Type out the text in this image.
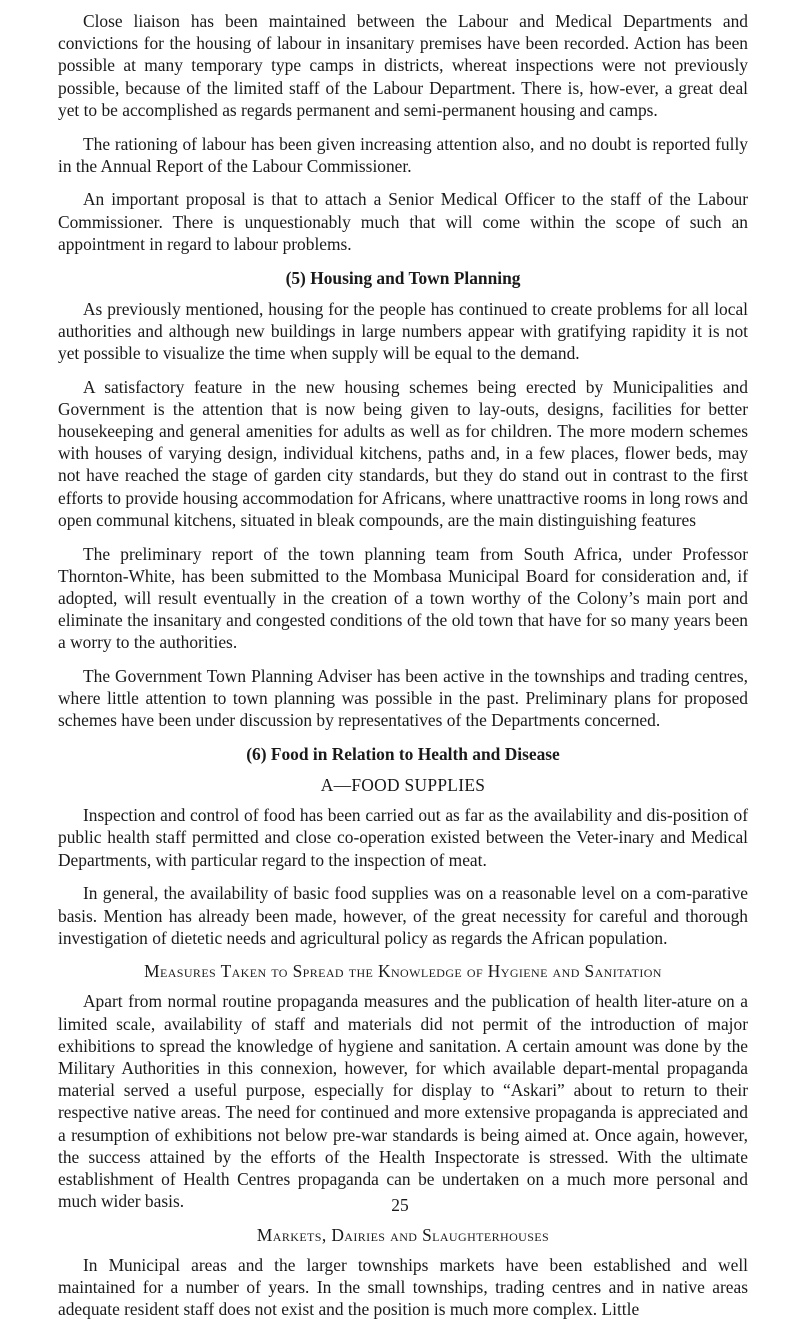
Close liaison has been maintained between the Labour and Medical Departments and convictions for the housing of labour in insanitary premises have been recorded. Action has been possible at many temporary type camps in districts, whereat inspections were not previously possible, because of the limited staff of the Labour Department. There is, how-ever, a great deal yet to be accomplished as regards permanent and semi-permanent housing and camps.

The rationing of labour has been given increasing attention also, and no doubt is reported fully in the Annual Report of the Labour Commissioner.

An important proposal is that to attach a Senior Medical Officer to the staff of the Labour Commissioner. There is unquestionably much that will come within the scope of such an appointment in regard to labour problems.

(5) Housing and Town Planning

As previously mentioned, housing for the people has continued to create problems for all local authorities and although new buildings in large numbers appear with gratifying rapidity it is not yet possible to visualize the time when supply will be equal to the demand.

A satisfactory feature in the new housing schemes being erected by Municipalities and Government is the attention that is now being given to lay-outs, designs, facilities for better housekeeping and general amenities for adults as well as for children. The more modern schemes with houses of varying design, individual kitchens, paths and, in a few places, flower beds, may not have reached the stage of garden city standards, but they do stand out in contrast to the first efforts to provide housing accommodation for Africans, where unattractive rooms in long rows and open communal kitchens, situated in bleak compounds, are the main distinguishing features

The preliminary report of the town planning team from South Africa, under Professor Thornton-White, has been submitted to the Mombasa Municipal Board for consideration and, if adopted, will result eventually in the creation of a town worthy of the Colony’s main port and eliminate the insanitary and congested conditions of the old town that have for so many years been a worry to the authorities.

The Government Town Planning Adviser has been active in the townships and trading centres, where little attention to town planning was possible in the past. Preliminary plans for proposed schemes have been under discussion by representatives of the Departments concerned.

(6) Food in Relation to Health and Disease
A—FOOD SUPPLIES

Inspection and control of food has been carried out as far as the availability and dis-position of public health staff permitted and close co-operation existed between the Veter-inary and Medical Departments, with particular regard to the inspection of meat.

In general, the availability of basic food supplies was on a reasonable level on a com-parative basis. Mention has already been made, however, of the great necessity for careful and thorough investigation of dietetic needs and agricultural policy as regards the African population.

Measures Taken to Spread the Knowledge of Hygiene and Sanitation

Apart from normal routine propaganda measures and the publication of health liter-ature on a limited scale, availability of staff and materials did not permit of the introduction of major exhibitions to spread the knowledge of hygiene and sanitation. A certain amount was done by the Military Authorities in this connexion, however, for which available depart-mental propaganda material served a useful purpose, especially for display to “Askari” about to return to their respective native areas. The need for continued and more extensive propaganda is appreciated and a resumption of exhibitions not below pre-war standards is being aimed at. Once again, however, the success attained by the efforts of the Health Inspectorate is stressed. With the ultimate establishment of Health Centres propaganda can be undertaken on a much more personal and much wider basis.

Markets, Dairies and Slaughterhouses

In Municipal areas and the larger townships markets have been established and well maintained for a number of years. In the small townships, trading centres and in native areas adequate resident staff does not exist and the position is much more complex. Little

25
